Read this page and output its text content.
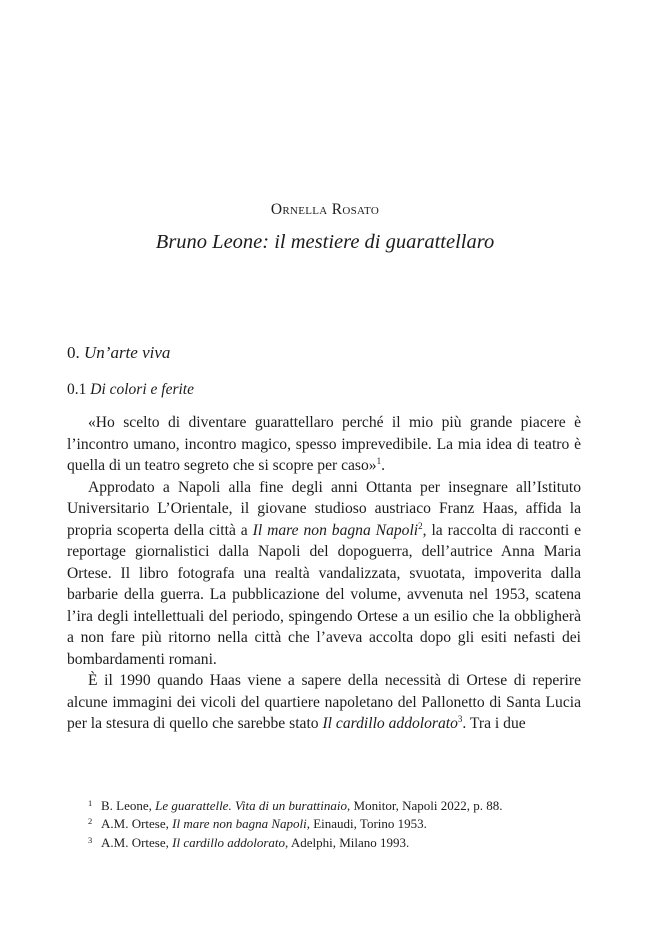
Ornella Rosato
Bruno Leone: il mestiere di guarattellaro
0. Un’arte viva
0.1 Di colori e ferite

«Ho scelto di diventare guarattellaro perché il mio più grande piacere è l’incontro umano, incontro magico, spesso imprevedibile. La mia idea di teatro è quella di un teatro segreto che si scopre per caso»$^1$.

Approdato a Napoli alla fine degli anni Ottanta per insegnare all’Istituto Universitario L’Orientale, il giovane studioso austriaco Franz Haas, affida la propria scoperta della città a Il mare non bagna Napoli$^2$, la raccolta di racconti e reportage giornalistici dalla Napoli del dopoguerra, dell’autrice Anna Maria Ortese. Il libro fotografa una realtà vandalizzata, svuotata, impoverita dalla barbarie della guerra. La pubblicazione del volume, avvenuta nel 1953, scatena l’ira degli intellettuali del periodo, spingendo Ortese a un esilio che la obbligherà a non fare più ritorno nella città che l’aveva accolta dopo gli esiti nefasti dei bombardamenti romani.

È il 1990 quando Haas viene a sapere della necessità di Ortese di reperire alcune immagini dei vicoli del quartiere napoletano del Pallonetto di Santa Lucia per la stesura di quello che sarebbe stato Il cardillo addolorato$^3$. Tra i due

1 B. Leone, Le guarattelle. Vita di un burattinaio, Monitor, Napoli 2022, p. 88.
2 A.M. Ortese, Il mare non bagna Napoli, Einaudi, Torino 1953.
3 A.M. Ortese, Il cardillo addolorato, Adelphi, Milano 1993.
